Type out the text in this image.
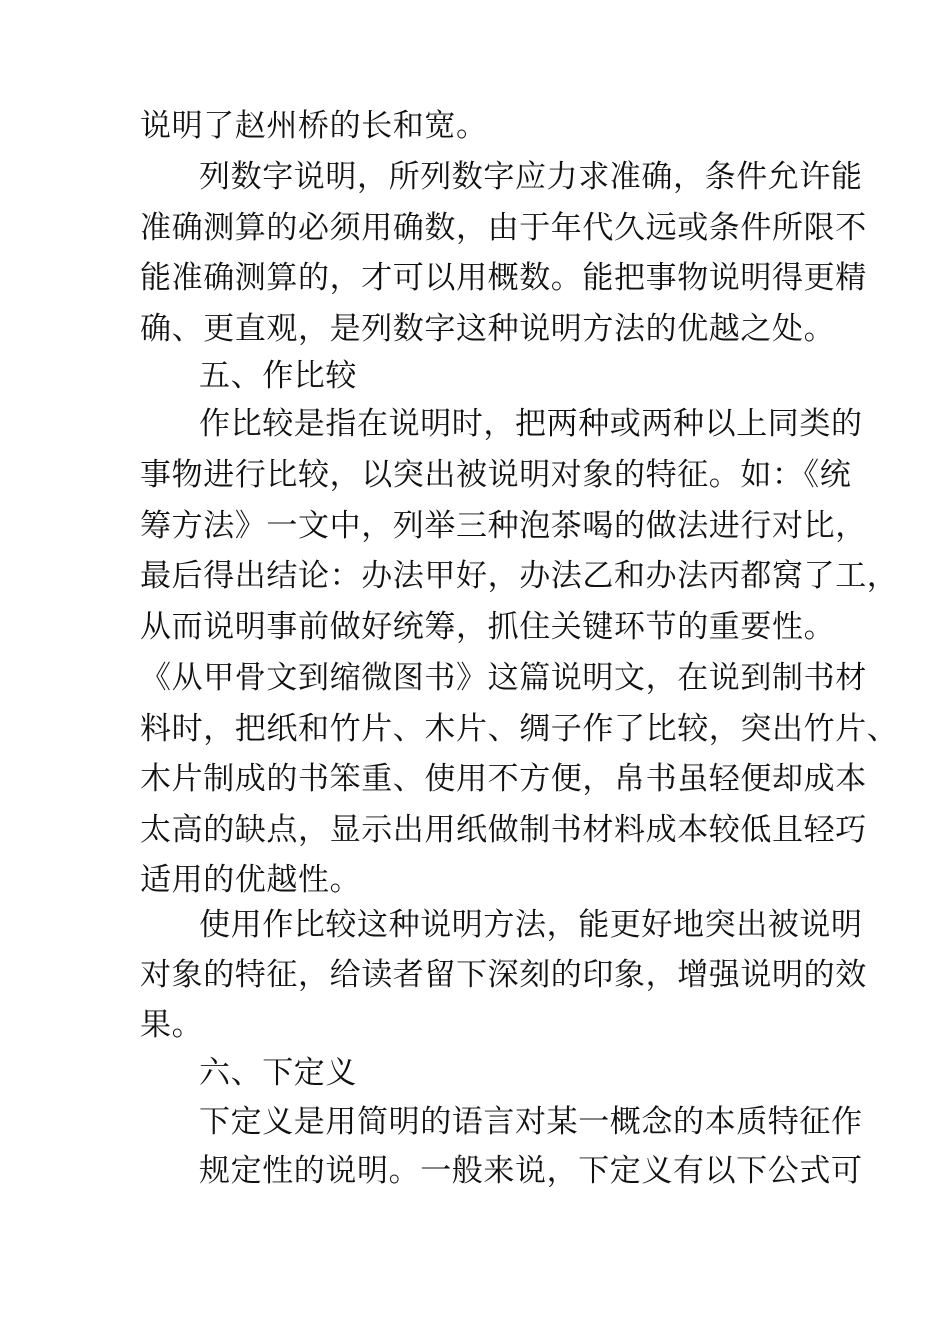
说明了赵州桥的长和宽。
列数字说明，所列数字应力求准确，条件允许能
准确测算的必须用确数，由于年代久远或条件所限不
能准确测算的，才可以用概数。能把事物说明得更精
确、更直观，是列数字这种说明方法的优越之处。
五、作比较
作比较是指在说明时，把两种或两种以上同类的
事物进行比较，以突出被说明对象的特征。如：《统
筹方法》一文中，列举三种泡茶喝的做法进行对比，
最后得出结论：办法甲好，办法乙和办法丙都窝了工，
从而说明事前做好统筹，抓住关键环节的重要性。
《从甲骨文到缩微图书》这篇说明文，在说到制书材
料时，把纸和竹片、木片、绸子作了比较，突出竹片、
木片制成的书笨重、使用不方便，帛书虽轻便却成本
太高的缺点，显示出用纸做制书材料成本较低且轻巧
适用的优越性。
使用作比较这种说明方法，能更好地突出被说明
对象的特征，给读者留下深刻的印象，增强说明的效
果。
六、下定义
下定义是用简明的语言对某一概念的本质特征作
规定性的说明。一般来说，下定义有以下公式可
